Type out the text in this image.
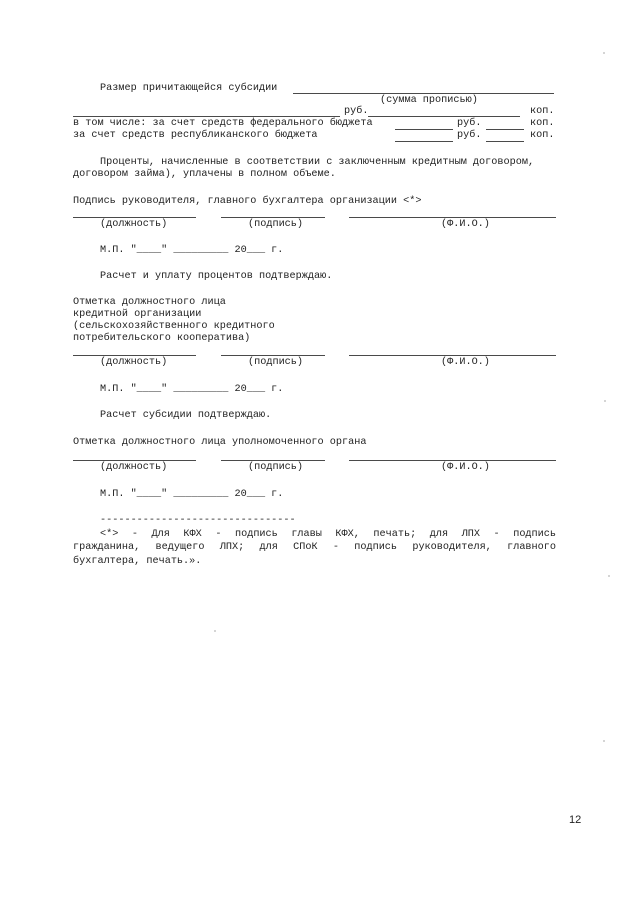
Размер причитающейся субсидии
(сумма прописью)
руб.	коп.
в том числе: за счет средств федерального бюджета	руб.	коп.
за счет средств республиканского бюджета	руб.	коп.
Проценты, начисленные в соответствии с заключенным кредитным договором,
договором займа), уплачены в полном объеме.
Подпись руководителя, главного бухгалтера организации <*>
(должность)	(подпись)	(Ф.И.О.)
М.П. "____" _________ 20___ г.
Расчет и уплату процентов подтверждаю.
Отметка должностного лица
кредитной организации
(сельскохозяйственного кредитного
потребительского кооператива)
(должность)	(подпись)	(Ф.И.О.)
М.П. "____" _________ 20___ г.
Расчет субсидии подтверждаю.
Отметка должностного лица уполномоченного органа
(должность)	(подпись)	(Ф.И.О.)
М.П. "____" _________ 20___ г.
--------------------------------
<*> - Для КФХ - подпись главы КФХ, печать; для ЛПХ - подпись
гражданина, ведущего ЛПХ; для СПоК - подпись руководителя, главного
бухгалтера, печать.».
12
